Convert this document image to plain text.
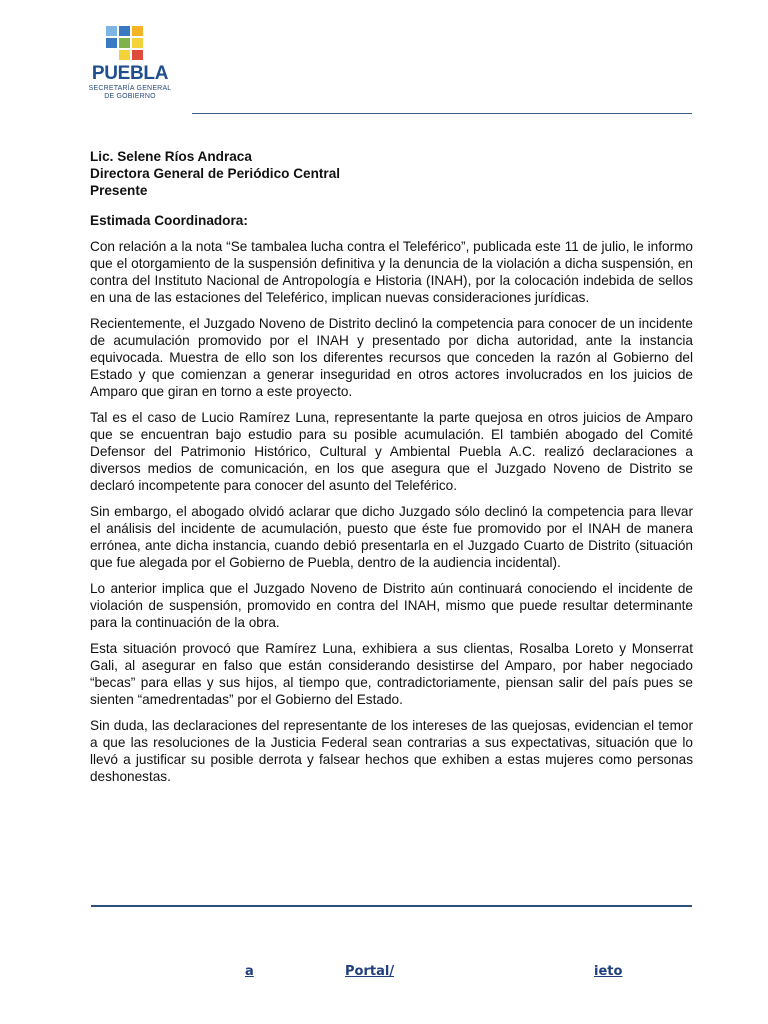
PUEBLA
SECRETARÍA GENERAL
DE GOBIERNO
Lic. Selene Ríos Andraca
Directora General de Periódico Central
Presente
Estimada Coordinadora:

Con relación a la nota “Se tambalea lucha contra el Teleférico”, publicada este 11 de julio, le informo que el otorgamiento de la suspensión definitiva y la denuncia de la violación a dicha suspensión, en contra del Instituto Nacional de Antropología e Historia (INAH), por la colocación indebida de sellos en una de las estaciones del Teleférico, implican nuevas consideraciones jurídicas.

Recientemente, el Juzgado Noveno de Distrito declinó la competencia para conocer de un incidente de acumulación promovido por el INAH y presentado por dicha autoridad, ante la instancia equivocada. Muestra de ello son los diferentes recursos que conceden la razón al Gobierno del Estado y que comienzan a generar inseguridad en otros actores involucrados en los juicios de Amparo que giran en torno a este proyecto.

Tal es el caso de Lucio Ramírez Luna, representante la parte quejosa en otros juicios de Amparo que se encuentran bajo estudio para su posible acumulación. El también abogado del Comité Defensor del Patrimonio Histórico, Cultural y Ambiental Puebla A.C. realizó declaraciones a diversos medios de comunicación, en los que asegura que el Juzgado Noveno de Distrito se declaró incompetente para conocer del asunto del Teleférico.

Sin embargo, el abogado olvidó aclarar que dicho Juzgado sólo declinó la competencia para llevar el análisis del incidente de acumulación, puesto que éste fue promovido por el INAH de manera errónea, ante dicha instancia, cuando debió presentarla en el Juzgado Cuarto de Distrito (situación que fue alegada por el Gobierno de Puebla, dentro de la audiencia incidental).

Lo anterior implica que el Juzgado Noveno de Distrito aún continuará conociendo el incidente de violación de suspensión, promovido en contra del INAH, mismo que puede resultar determinante para la continuación de la obra.

Esta situación provocó que Ramírez Luna, exhibiera a sus clientas, Rosalba Loreto y Monserrat Gali, al asegurar en falso que están considerando desistirse del Amparo, por haber negociado “becas” para ellas y sus hijos, al tiempo que, contradictoriamente, piensan salir del país pues se sienten “amedrentadas” por el Gobierno del Estado.

Sin duda, las declaraciones del representante de los intereses de las quejosas, evidencian el temor a que las resoluciones de la Justicia Federal sean contrarias a sus expectativas, situación que lo llevó a justificar su posible derrota y falsear hechos que exhiben a estas mujeres como personas deshonestas.

a	Portal/	ieto
